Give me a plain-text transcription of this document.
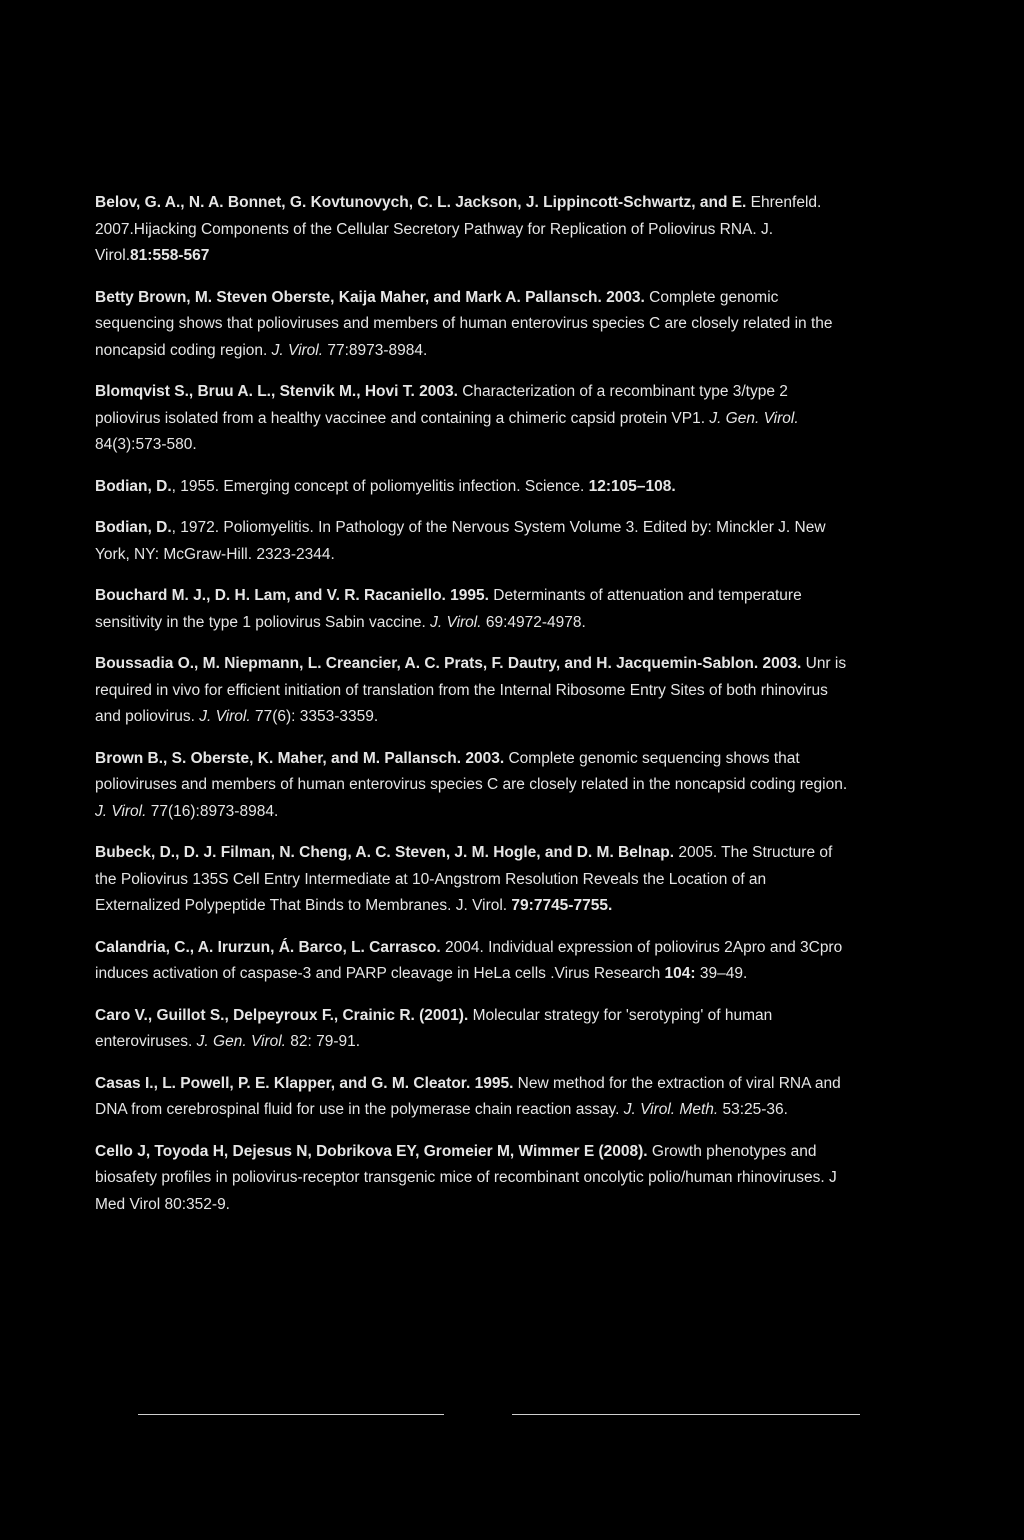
Belov, G. A., N. A. Bonnet, G. Kovtunovych, C. L. Jackson, J. Lippincott-Schwartz, and E. Ehrenfeld. 2007.Hijacking Components of the Cellular Secretory Pathway for Replication of Poliovirus RNA. J. Virol.81:558-567

Betty Brown, M. Steven Oberste, Kaija Maher, and Mark A. Pallansch. 2003. Complete genomic sequencing shows that polioviruses and members of human enterovirus species C are closely related in the noncapsid coding region. J. Virol. 77:8973-8984.

Blomqvist S., Bruu A. L., Stenvik M., Hovi T. 2003. Characterization of a recombinant type 3/type 2 poliovirus isolated from a healthy vaccinee and containing a chimeric capsid protein VP1. J. Gen. Virol. 84(3):573-580.

Bodian, D., 1955. Emerging concept of poliomyelitis infection. Science. 12:105–108.

Bodian, D., 1972. Poliomyelitis. In Pathology of the Nervous System Volume 3. Edited by: Minckler J. New York, NY: McGraw-Hill. 2323-2344.

Bouchard M. J., D. H. Lam, and V. R. Racaniello. 1995. Determinants of attenuation and temperature sensitivity in the type 1 poliovirus Sabin vaccine. J. Virol. 69:4972-4978.

Boussadia O., M. Niepmann, L. Creancier, A. C. Prats, F. Dautry, and H. Jacquemin-Sablon. 2003. Unr is required in vivo for efficient initiation of translation from the Internal Ribosome Entry Sites of both rhinovirus and poliovirus. J. Virol. 77(6): 3353-3359.

Brown B., S. Oberste, K. Maher, and M. Pallansch. 2003. Complete genomic sequencing shows that polioviruses and members of human enterovirus species C are closely related in the noncapsid coding region. J. Virol. 77(16):8973-8984.

Bubeck, D., D. J. Filman, N. Cheng, A. C. Steven, J. M. Hogle, and D. M. Belnap. 2005. The Structure of the Poliovirus 135S Cell Entry Intermediate at 10-Angstrom Resolution Reveals the Location of an Externalized Polypeptide That Binds to Membranes. J. Virol. 79:7745-7755.

Calandria, C., A. Irurzun, Á. Barco, L. Carrasco. 2004. Individual expression of poliovirus 2Apro and 3Cpro induces activation of caspase-3 and PARP cleavage in HeLa cells .Virus Research 104: 39–49.

Caro V., Guillot S., Delpeyroux F., Crainic R. (2001). Molecular strategy for 'serotyping' of human enteroviruses. J. Gen. Virol. 82: 79-91.

Casas I., L. Powell, P. E. Klapper, and G. M. Cleator. 1995. New method for the extraction of viral RNA and DNA from cerebrospinal fluid for use in the polymerase chain reaction assay. J. Virol. Meth. 53:25-36.

Cello J, Toyoda H, Dejesus N, Dobrikova EY, Gromeier M, Wimmer E (2008). Growth phenotypes and biosafety profiles in poliovirus-receptor transgenic mice of recombinant oncolytic polio/human rhinoviruses. J Med Virol 80:352-9.
